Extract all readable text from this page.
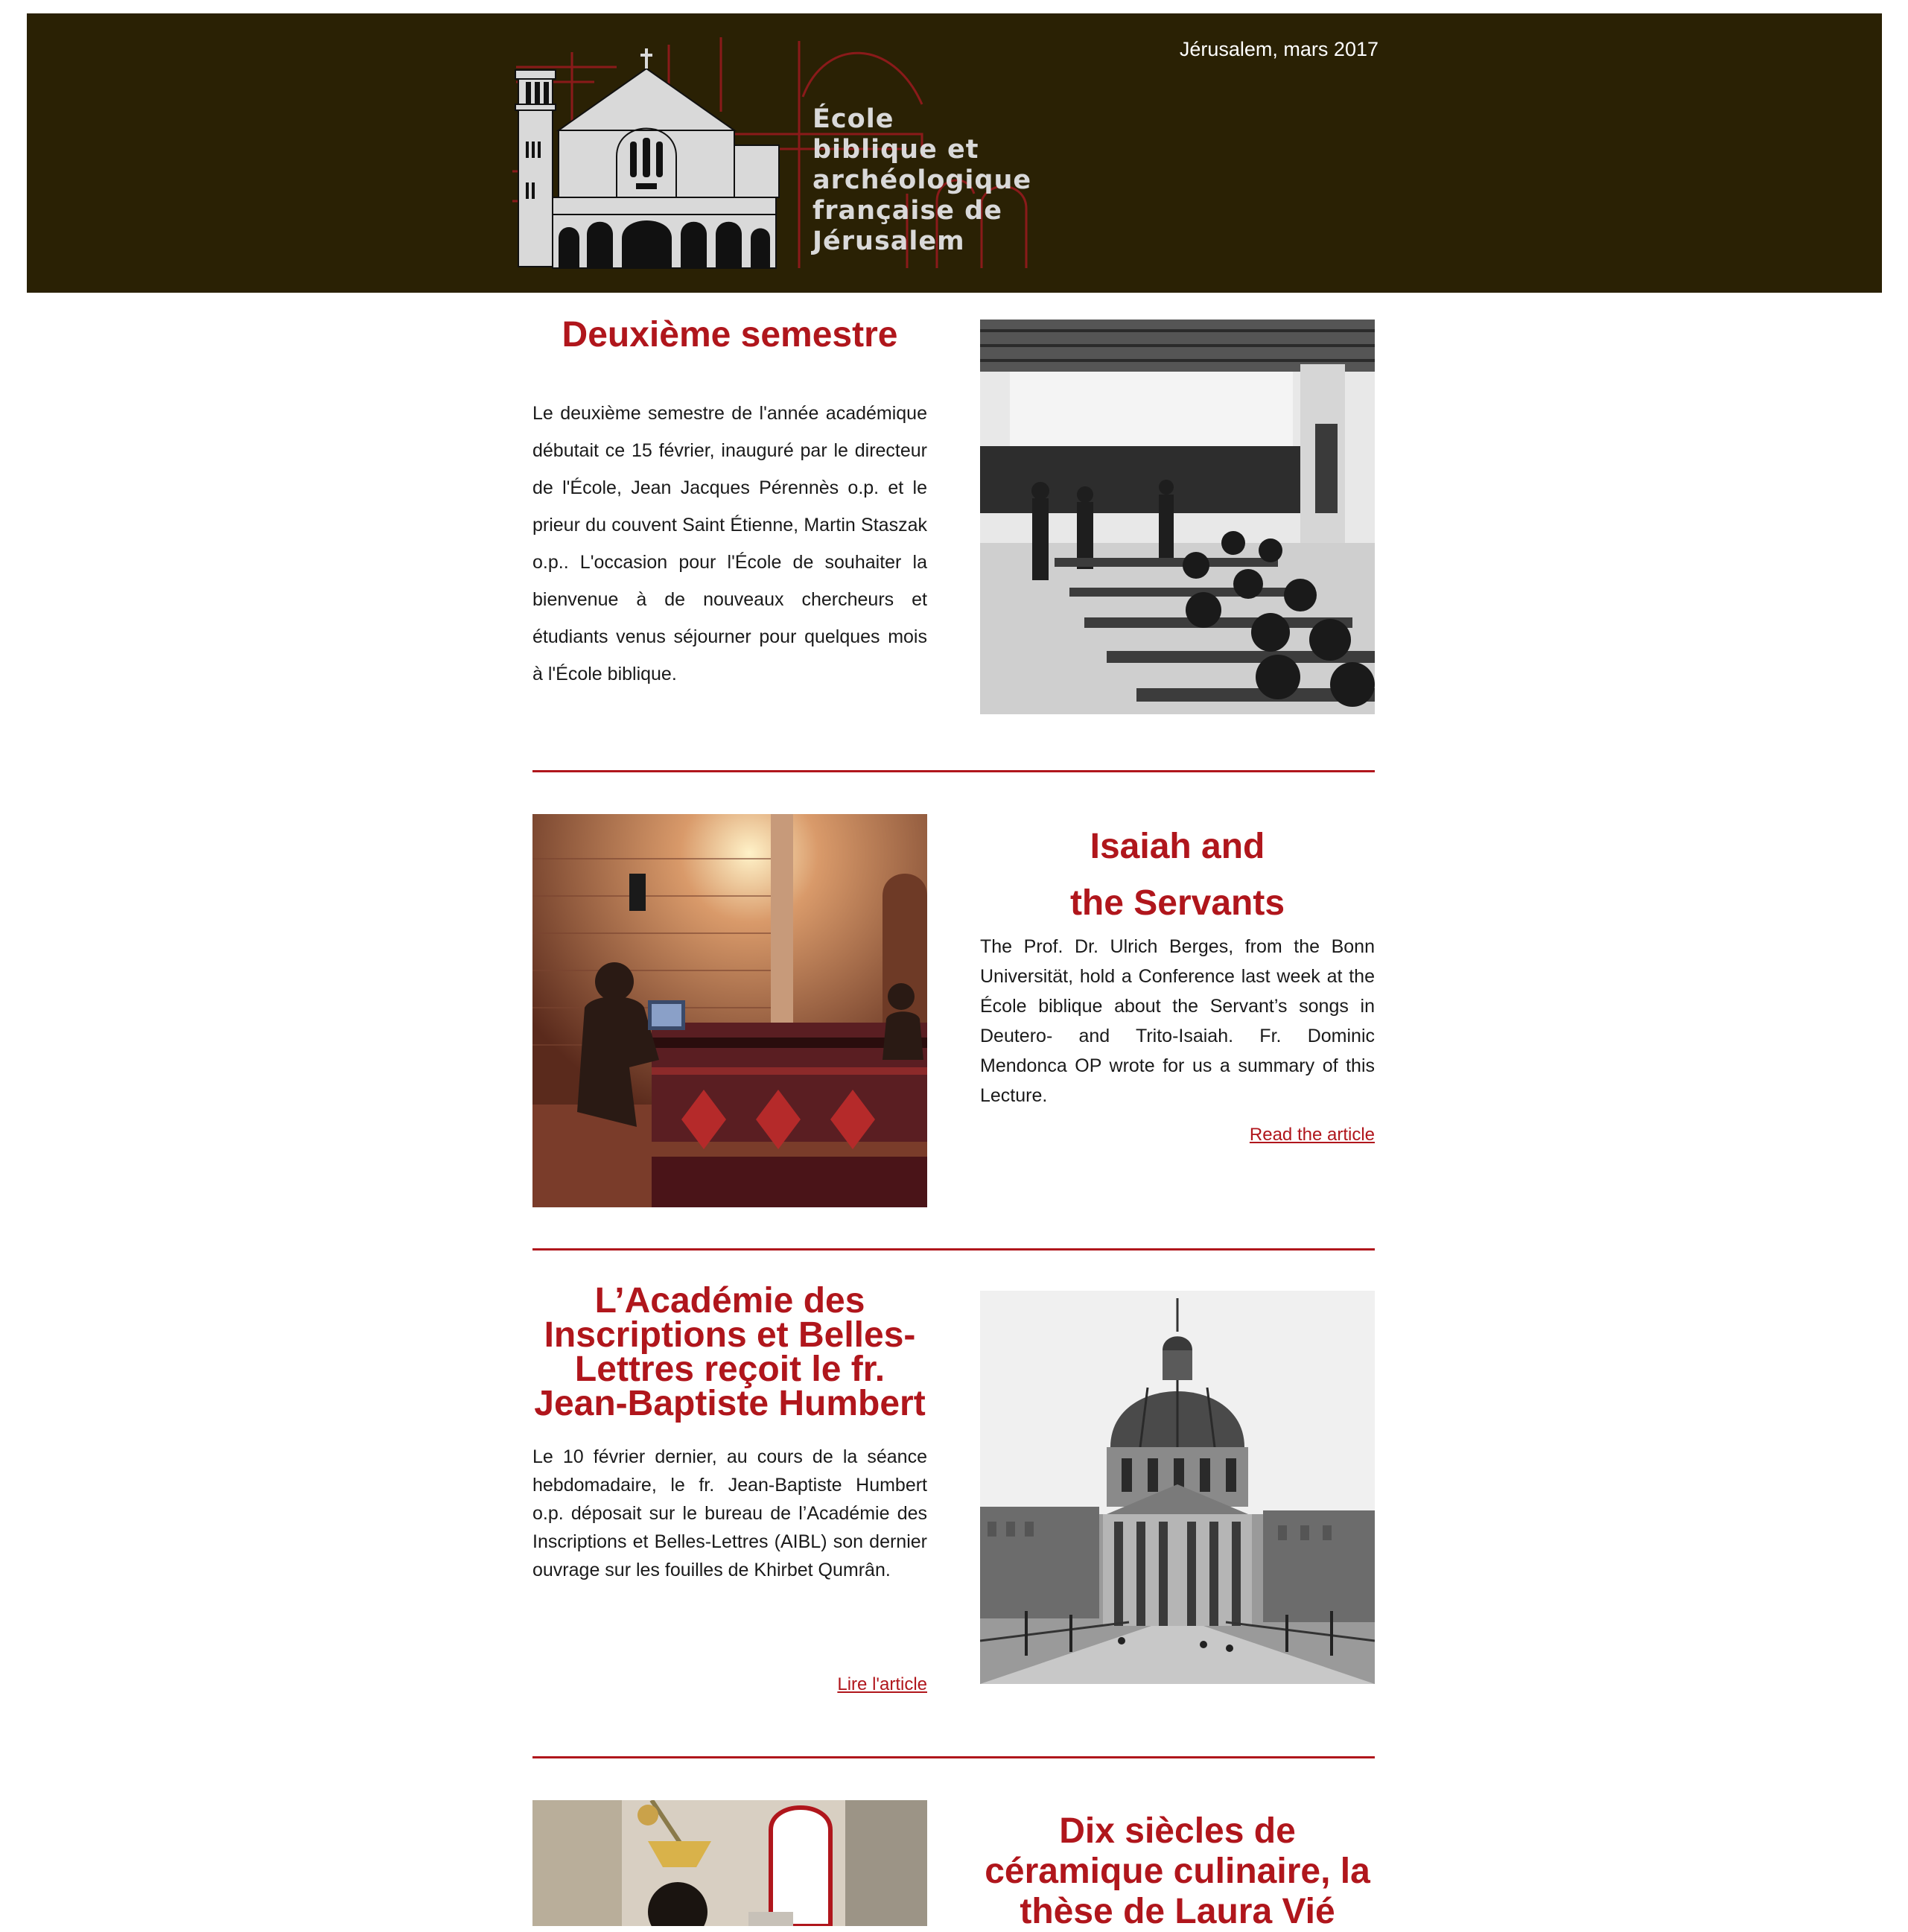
Jérusalem, mars 2017
École
biblique et
archéologique
française de
Jérusalem
Deuxième semestre
Le deuxième semestre de l'année académique débutait ce 15 février, inauguré par le directeur de l'École, Jean Jacques Pérennès o.p. et le prieur du couvent Saint Étienne, Martin Staszak o.p.. L'occasion pour l'École de souhaiter la bienvenue à de nouveaux chercheurs et étudiants venus séjourner pour quelques mois à l'École biblique.
Isaiah and the Servants
The Prof. Dr. Ulrich Berges, from the Bonn Universität, hold a Conference last week at the École biblique about the Servant’s songs in Deutero- and Trito-Isaiah. Fr. Dominic Mendonca OP wrote for us a summary of this Lecture.
Read the article
L’Académie des Inscriptions et Belles-Lettres reçoit le fr. Jean-Baptiste Humbert
Le 10 février dernier, au cours de la séance hebdomadaire, le fr. Jean-Baptiste Humbert o.p. déposait sur le bureau de l’Académie des Inscriptions et Belles-Lettres (AIBL) son dernier ouvrage sur les fouilles de Khirbet Qumrân.
Lire l'article
Dix siècles de céramique culinaire, la thèse de Laura Vié
